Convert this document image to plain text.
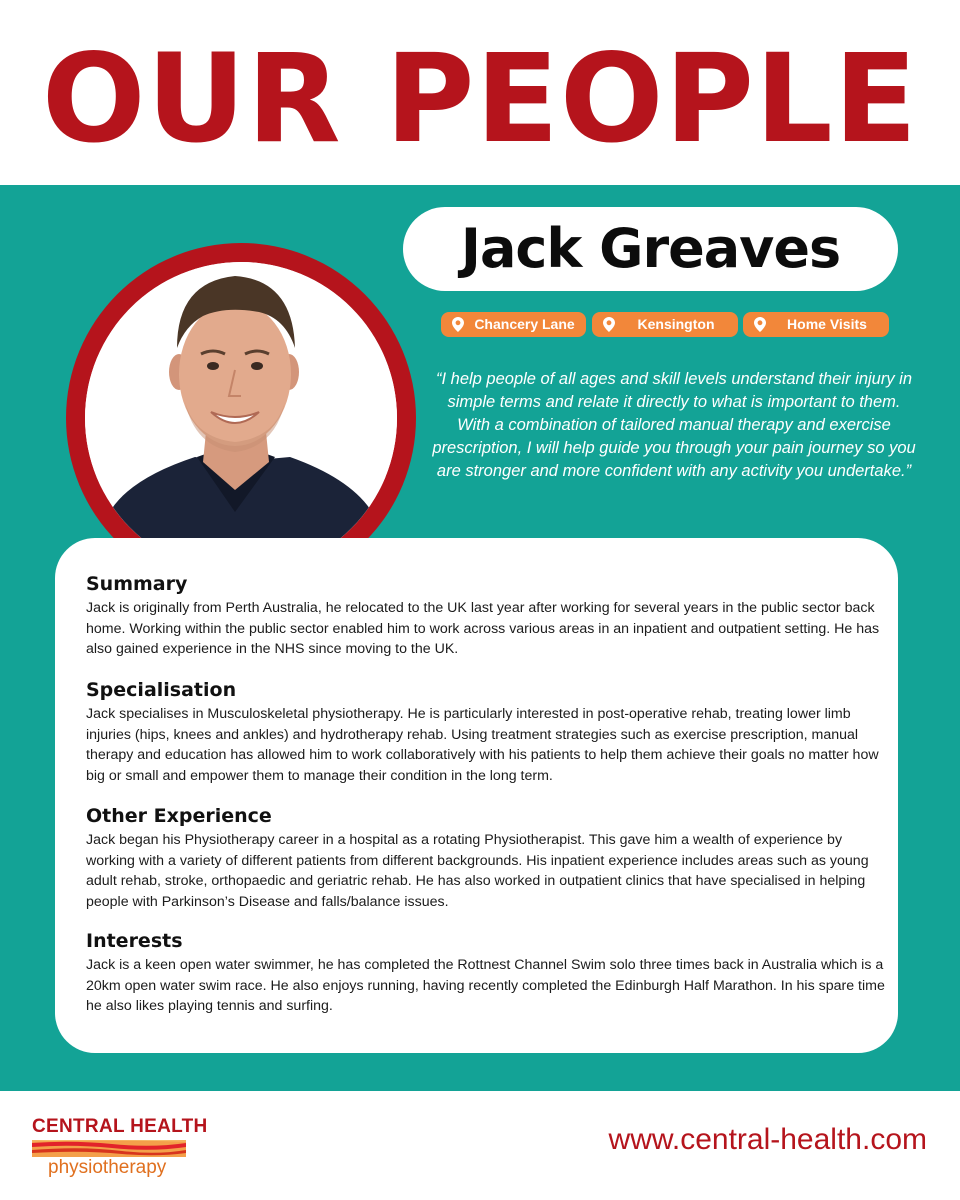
OUR PEOPLE
Jack Greaves
Chancery Lane	Kensington	Home Visits
“I help people of all ages and skill levels understand their injury in simple terms and relate it directly to what is important to them. With a combination of tailored manual therapy and exercise prescription, I will help guide you through your pain journey so you are stronger and more confident with any activity you undertake.”
Summary

Jack is originally from Perth Australia, he relocated to the UK last year after working for several years in the public sector back home. Working within the public sector enabled him to work across various areas in an inpatient and outpatient setting. He has also gained experience in the NHS since moving to the UK.

Specialisation

Jack specialises in Musculoskeletal physiotherapy. He is particularly interested in post-operative rehab, treating lower limb injuries (hips, knees and ankles) and hydrotherapy rehab. Using treatment strategies such as exercise prescription, manual therapy and education has allowed him to work collaboratively with his patients to help them achieve their goals no matter how big or small and empower them to manage their condition in the long term.

Other Experience

Jack began his Physiotherapy career in a hospital as a rotating Physiotherapist. This gave him a wealth of experience by working with a variety of different patients from different backgrounds. His inpatient experience includes areas such as young adult rehab, stroke, orthopaedic and geriatric rehab. He has also worked in outpatient clinics that have specialised in helping people with Parkinson’s Disease and falls/balance issues.

Interests

Jack is a keen open water swimmer, he has completed the Rottnest Channel Swim solo three times back in Australia which is a 20km open water swim race. He also enjoys running, having recently completed the Edinburgh Half Marathon. In his spare time he also likes playing tennis and surfing.

CENTRAL HEALTH
physiotherapy
www.central-health.com
